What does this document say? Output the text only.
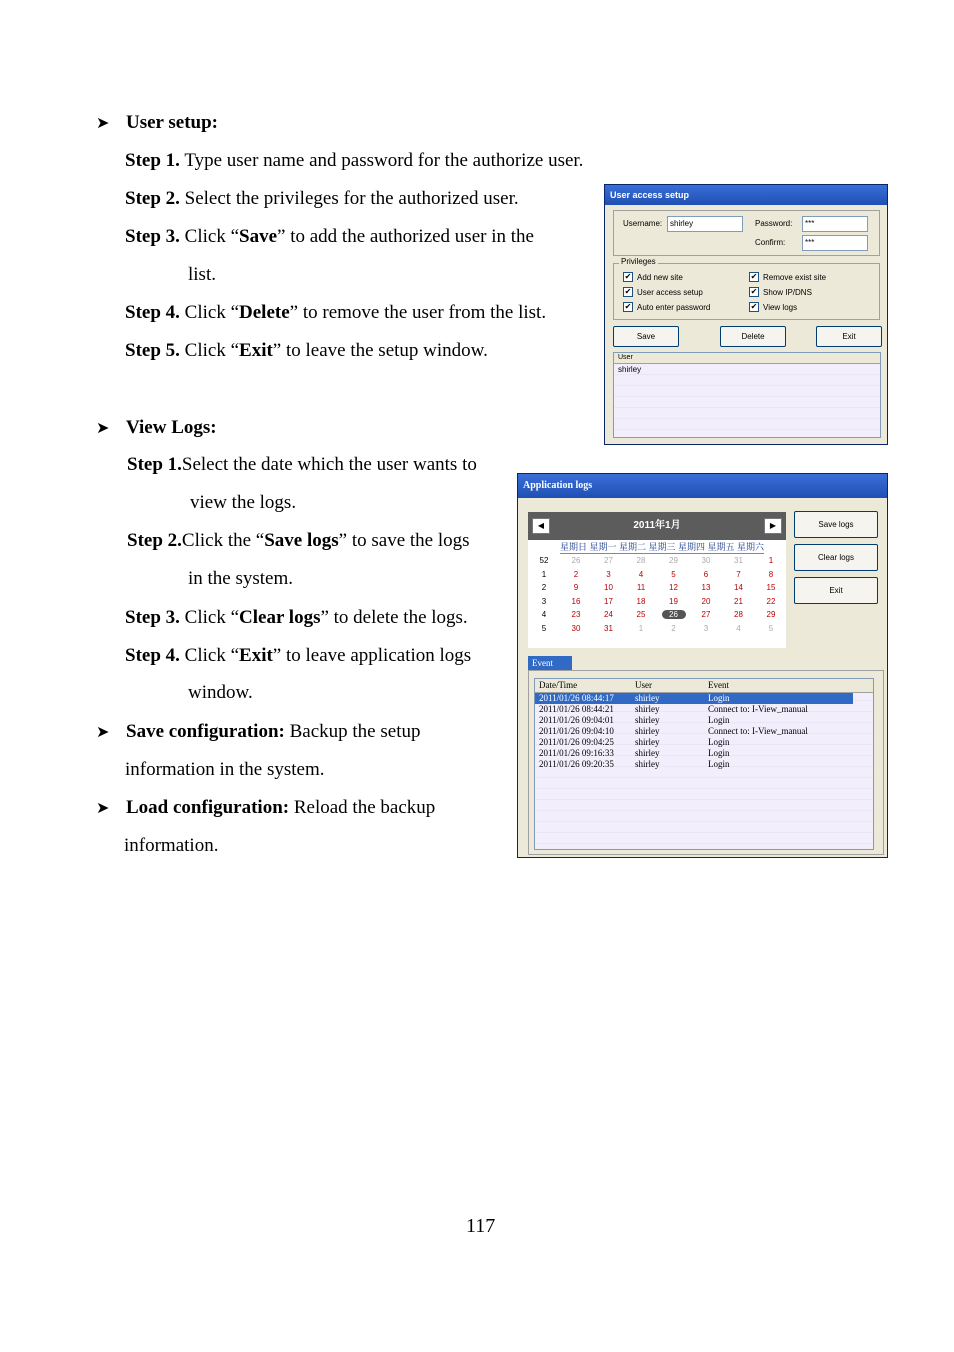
➤ User setup:
Step 1. Type user name and password for the authorize user.
Step 2. Select the privileges for the authorized user.
Step 3. Click “Save” to add the authorized user in the
list.
Step 4. Click “Delete” to remove the user from the list.
Step 5. Click “Exit” to leave the setup window.
➤ View Logs:
Step 1.Select the date which the user wants to
view the logs.
Step 2.Click the “Save logs” to save the logs
in the system.
Step 3. Click “Clear logs” to delete the logs.
Step 4. Click “Exit” to leave application logs
window.
➤ Save configuration: Backup the setup
information in the system.
➤ Load configuration: Reload the backup
information.
117
User access setup
Username: shirley	Password:	***
Confirm:	***
Privileges
✔ Add new site	✔ Remove exist site
✔ User access setup	✔ Show IP/DNS
✔ Auto enter password	✔ View logs
Save	Delete	Exit
User
shirley
Application logs
2011年1月
◀	▶
星期日 星期一 星期二 星期三 星期四 星期五 星期六
52	26	27	28	29	30	31	1
1	2	3	4	5	6	7	8
2	9	10	11	12	13	14	15
3	16	17	18	19	20	21	22
4	23	24	25	26	27	28	29
5	30	31	1	2	3	4	5
Save logs
Clear logs
Exit
Event
Date/Time	User	Event
2011/01/26 08:44:17 shirley	Login
2011/01/26 08:44:21 shirley	Connect to: I-View_manual
2011/01/26 09:04:01 shirley	Login
2011/01/26 09:04:10 shirley	Connect to: I-View_manual
2011/01/26 09:04:25 shirley	Login
2011/01/26 09:16:33 shirley	Login
2011/01/26 09:20:35 shirley	Login
